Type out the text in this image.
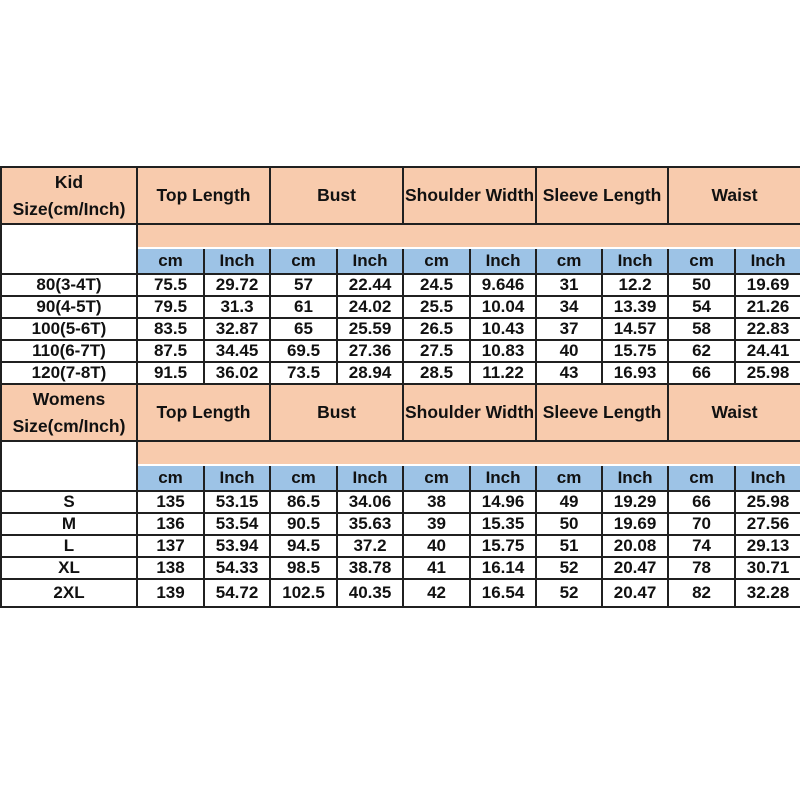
Kid Size(cm/Inch)	Top Length		Bust		Shoulder Width		Sleeve Length		Waist	

	cm	Inch	cm	Inch	cm	Inch	cm	Inch	cm	Inch
80(3-4T)	75.5	29.72	57	22.44	24.5	9.646	31	12.2	50	19.69
90(4-5T)	79.5	31.3	61	24.02	25.5	10.04	34	13.39	54	21.26
100(5-6T)	83.5	32.87	65	25.59	26.5	10.43	37	14.57	58	22.83
110(6-7T)	87.5	34.45	69.5	27.36	27.5	10.83	40	15.75	62	24.41
120(7-8T)	91.5	36.02	73.5	28.94	28.5	11.22	43	16.93	66	25.98
Womens Size(cm/Inch)	Top Length		Bust		Shoulder Width		Sleeve Length		Waist	

	cm	Inch	cm	Inch	cm	Inch	cm	Inch	cm	Inch
S	135	53.15	86.5	34.06	38	14.96	49	19.29	66	25.98
M	136	53.54	90.5	35.63	39	15.35	50	19.69	70	27.56
L	137	53.94	94.5	37.2	40	15.75	51	20.08	74	29.13
XL	138	54.33	98.5	38.78	41	16.14	52	20.47	78	30.71
2XL	139	54.72	102.5	40.35	42	16.54	52	20.47	82	32.28
